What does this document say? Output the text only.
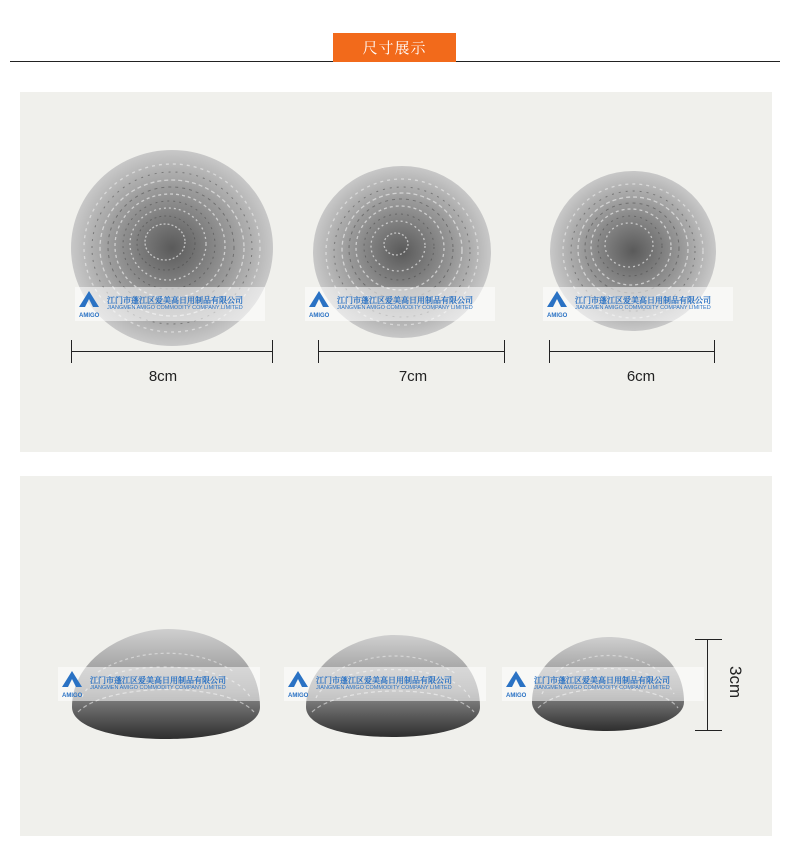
尺寸展示
AMIGO
江门市蓬江区爱美高日用制品有限公司
JIANGMEN AMIGO COMMODITY COMPANY LIMITED
AMIGO
江门市蓬江区爱美高日用制品有限公司
JIANGMEN AMIGO COMMODITY COMPANY LIMITED
AMIGO
江门市蓬江区爱美高日用制品有限公司
JIANGMEN AMIGO COMMODITY COMPANY LIMITED
8cm	7cm	6cm
AMIGO
江门市蓬江区爱美高日用制品有限公司
JIANGMEN AMIGO COMMODITY COMPANY LIMITED
AMIGO
江门市蓬江区爱美高日用制品有限公司
JIANGMEN AMIGO COMMODITY COMPANY LIMITED
AMIGO
江门市蓬江区爱美高日用制品有限公司
JIANGMEN AMIGO COMMODITY COMPANY LIMITED	3cm
